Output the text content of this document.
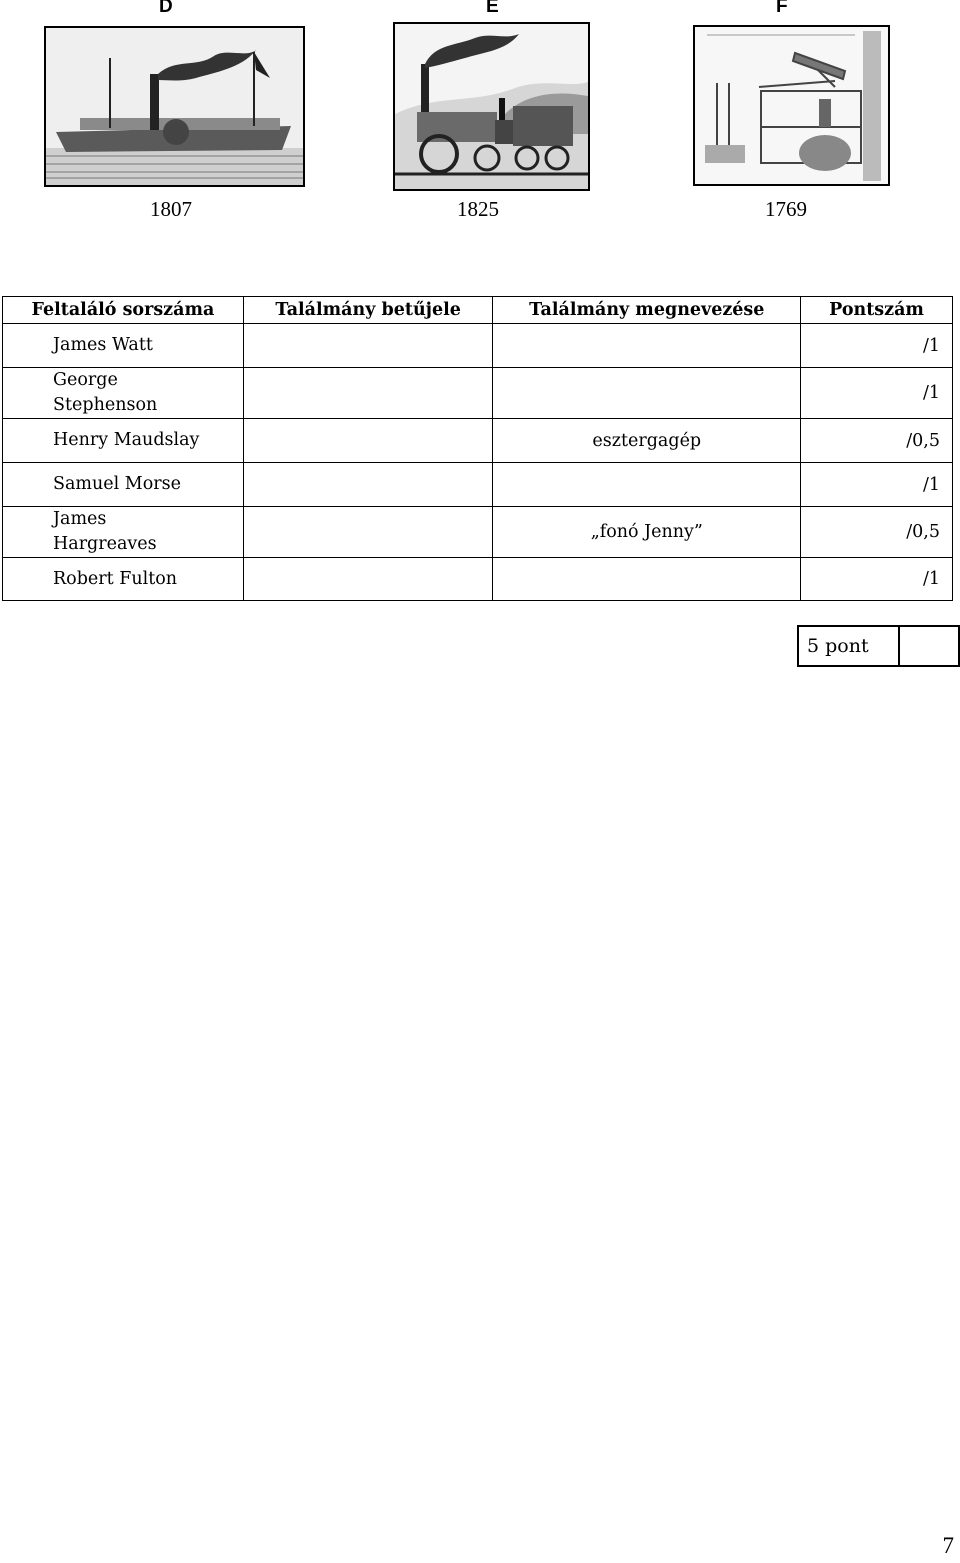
D	E	F
1807	1825	1769
Feltaláló sorszáma	Találmány betűjele	Találmány megnevezése	Pontszám
James Watt			/1
George
Stephenson			/1
Henry Maudslay		esztergagép	/0,5
Samuel Morse			/1
James
Hargreaves		„fonó Jenny”	/0,5
Robert Fulton			/1
5 pont	
7
